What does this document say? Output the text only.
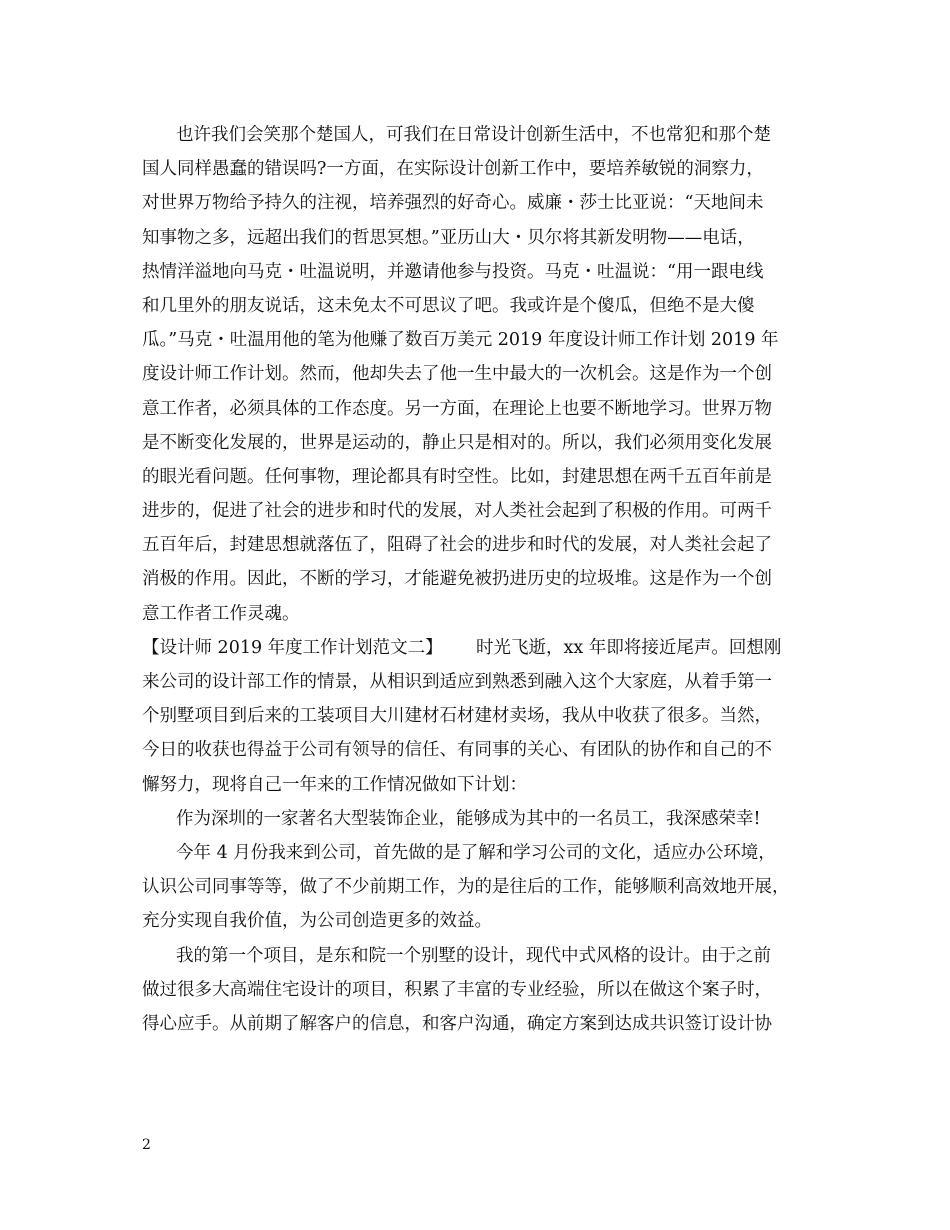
也许我们会笑那个楚国人，可我们在日常设计创新生活中，不也常犯和那个楚
国人同样愚蠢的错误吗?一方面，在实际设计创新工作中，要培养敏锐的洞察力，
对世界万物给予持久的注视，培养强烈的好奇心。威廉・莎士比亚说：“天地间未
知事物之多，远超出我们的哲思冥想。”亚历山大・贝尔将其新发明物——电话，
热情洋溢地向马克・吐温说明，并邀请他参与投资。马克・吐温说：“用一跟电线
和几里外的朋友说话，这未免太不可思议了吧。我或许是个傻瓜，但绝不是大傻
瓜。”马克・吐温用他的笔为他赚了数百万美元 2019 年度设计师工作计划 2019 年
度设计师工作计划。然而，他却失去了他一生中最大的一次机会。这是作为一个创
意工作者，必须具体的工作态度。另一方面，在理论上也要不断地学习。世界万物
是不断变化发展的，世界是运动的，静止只是相对的。所以，我们必须用变化发展
的眼光看问题。任何事物，理论都具有时空性。比如，封建思想在两千五百年前是
进步的，促进了社会的进步和时代的发展，对人类社会起到了积极的作用。可两千
五百年后，封建思想就落伍了，阻碍了社会的进步和时代的发展，对人类社会起了
消极的作用。因此，不断的学习，才能避免被扔进历史的垃圾堆。这是作为一个创
意工作者工作灵魂。
【设计师 2019 年度工作计划范文二】      时光飞逝，xx 年即将接近尾声。回想刚
来公司的设计部工作的情景，从相识到适应到熟悉到融入这个大家庭，从着手第一
个别墅项目到后来的工装项目大川建材石材建材卖场，我从中收获了很多。当然，
今日的收获也得益于公司有领导的信任、有同事的关心、有团队的协作和自己的不
懈努力，现将自己一年来的工作情况做如下计划：
作为深圳的一家著名大型装饰企业，能够成为其中的一名员工，我深感荣幸!
今年 4 月份我来到公司，首先做的是了解和学习公司的文化，适应办公环境，
认识公司同事等等，做了不少前期工作，为的是往后的工作，能够顺利高效地开展，
充分实现自我价值，为公司创造更多的效益。
我的第一个项目，是东和院一个别墅的设计，现代中式风格的设计。由于之前
做过很多大高端住宅设计的项目，积累了丰富的专业经验，所以在做这个案子时，
得心应手。从前期了解客户的信息，和客户沟通，确定方案到达成共识签订设计协
2
